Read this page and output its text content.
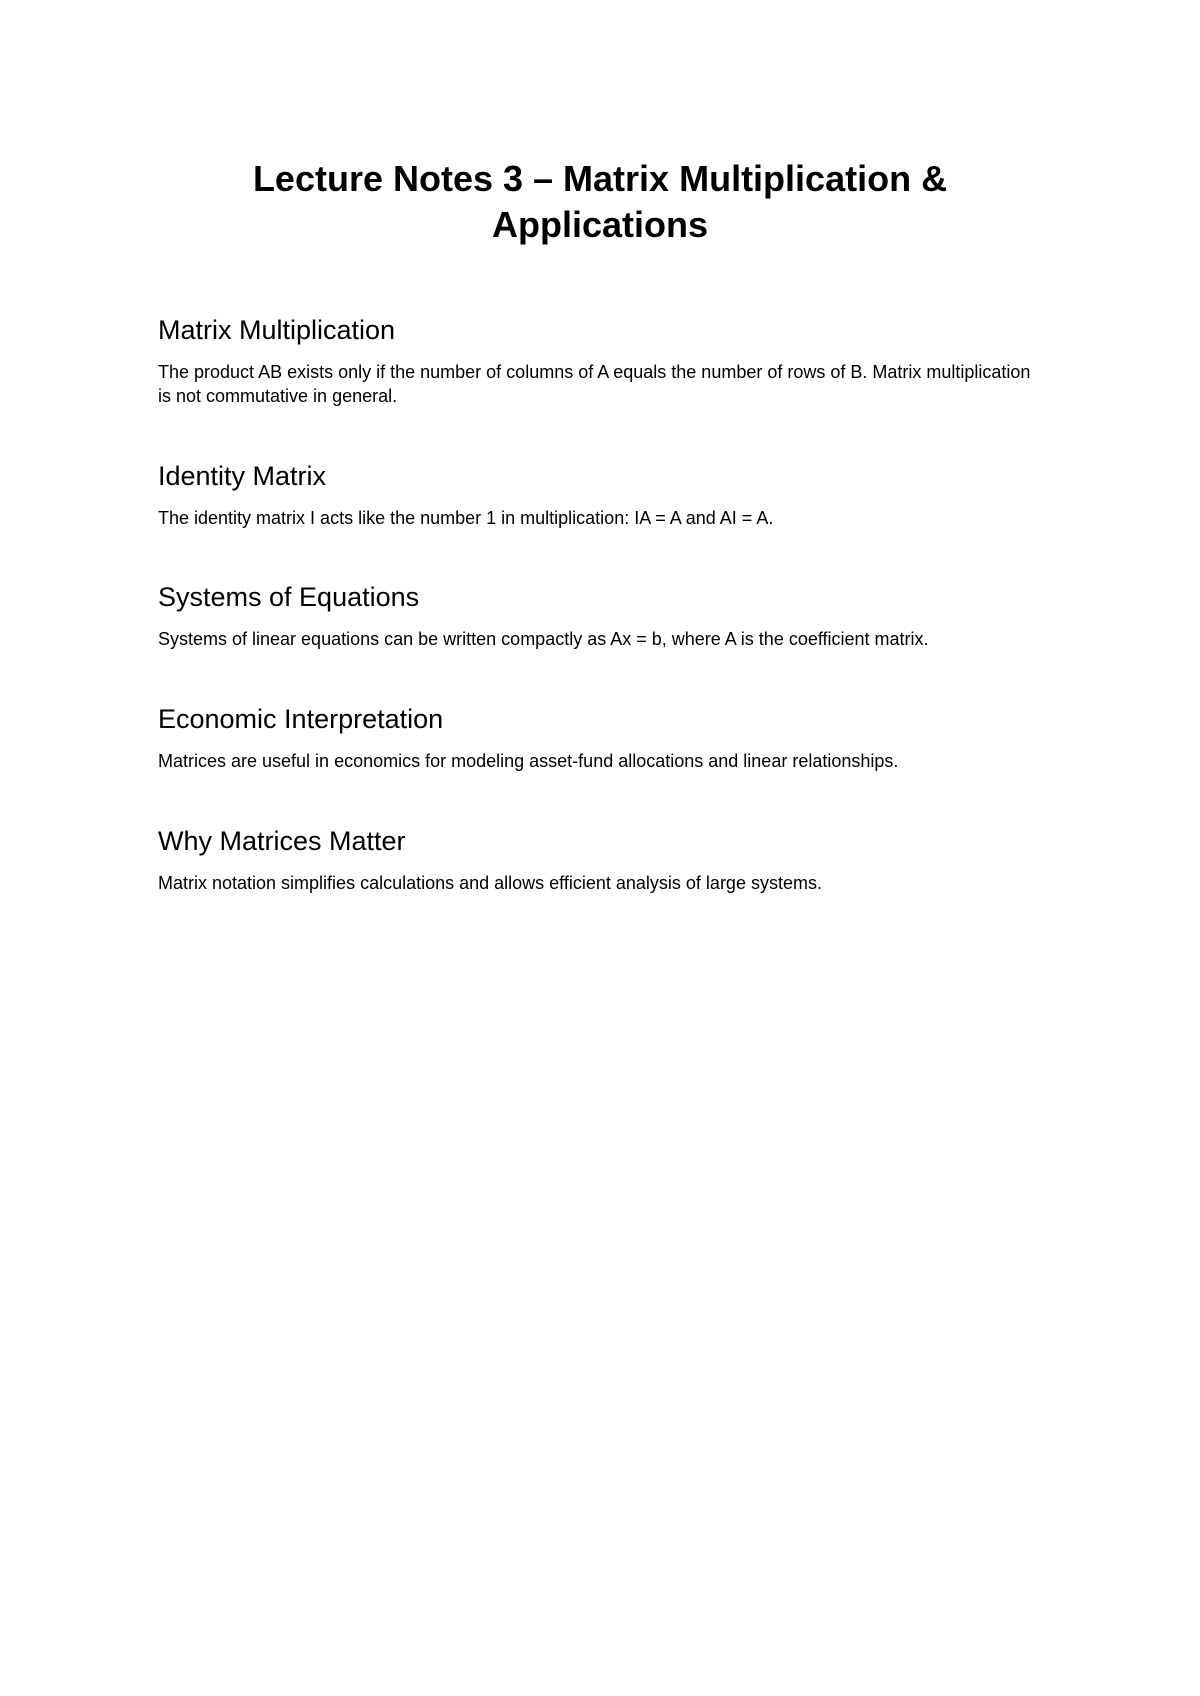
Lecture Notes 3 – Matrix Multiplication & Applications
Matrix Multiplication

The product AB exists only if the number of columns of A equals the number of rows of B. Matrix multiplication is not commutative in general.

Identity Matrix

The identity matrix I acts like the number 1 in multiplication: IA = A and AI = A.

Systems of Equations

Systems of linear equations can be written compactly as Ax = b, where A is the coefficient matrix.

Economic Interpretation

Matrices are useful in economics for modeling asset-fund allocations and linear relationships.

Why Matrices Matter

Matrix notation simplifies calculations and allows efficient analysis of large systems.
